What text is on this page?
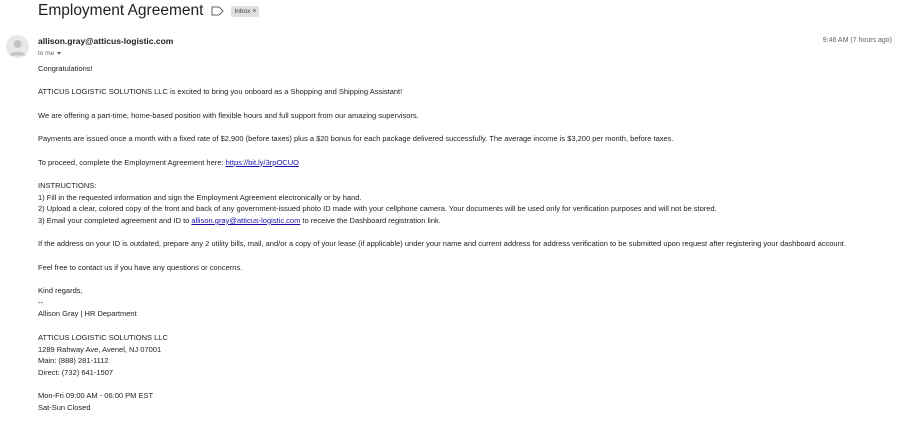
Employment Agreement	Inbox ×
allison.gray@atticus-logistic.com
to me
9:46 AM (7 hours ago)
Congratulations!
ATTICUS LOGISTIC SOLUTIONS LLC is excited to bring you onboard as a Shopping and Shipping Assistant!
We are offering a part-time, home-based position with flexible hours and full support from our amazing supervisors.
Payments are issued once a month with a fixed rate of $2,900 (before taxes) plus a $20 bonus for each package delivered successfully. The average income is $3,200 per month, before taxes.
To proceed, complete the Employment Agreement here: https://bit.ly/3rpOCUO
INSTRUCTIONS:
1) Fill in the requested information and sign the Employment Agreement electronically or by hand.
2) Upload a clear, colored copy of the front and back of any government-issued photo ID made with your cellphone camera. Your documents will be used only for verification purposes and will not be stored.
3) Email your completed agreement and ID to allison.gray@atticus-logistic.com to receive the Dashboard registration link.
If the address on your ID is outdated, prepare any 2 utility bills, mail, and/or a copy of your lease (if applicable) under your name and current address for address verification to be submitted upon request after registering your dashboard account.
Feel free to contact us if you have any questions or concerns.
Kind regards,
--
Allison Gray | HR Department
ATTICUS LOGISTIC SOLUTIONS LLC
1289 Rahway Ave, Avenel, NJ 07001
Main: (888) 281-1112
Direct: (732) 641-1507
Mon-Fri 09:00 AM - 06:00 PM EST
Sat-Sun Closed
